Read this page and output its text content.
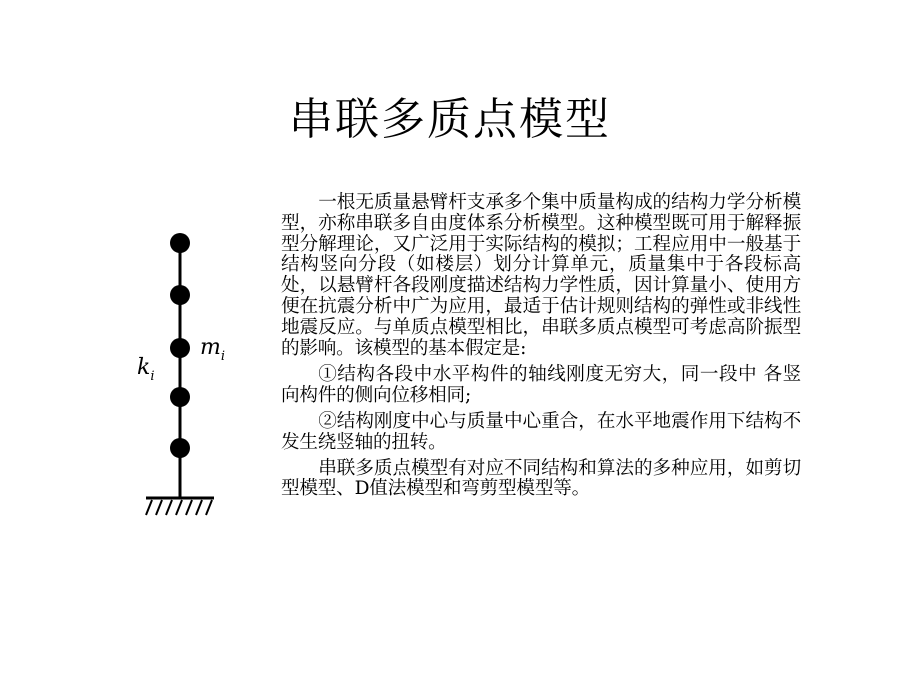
串联多质点模型
$m_i$
$k_i$

一根无质量悬臂杆支承多个集中质量构成的结构力学分析模型，亦称串联多自由度体系分析模型。这种模型既可用于解释振型分解理论，又广泛用于实际结构的模拟；工程应用中一般基于结构竖向分段（如楼层）划分计算单元，质量集中于各段标高处，以悬臂杆各段刚度描述结构力学性质，因计算量小、使用方便在抗震分析中广为应用，最适于估计规则结构的弹性或非线性地震反应。与单质点模型相比，串联多质点模型可考虑高阶振型的影响。该模型的基本假定是:

①结构各段中水平构件的轴线刚度无穷大，同一段中 各竖向构件的侧向位移相同;

②结构刚度中心与质量中心重合，在水平地震作用下结构不发生绕竖轴的扭转。

串联多质点模型有对应不同结构和算法的多种应用，如剪切型模型、D值法模型和弯剪型模型等。
